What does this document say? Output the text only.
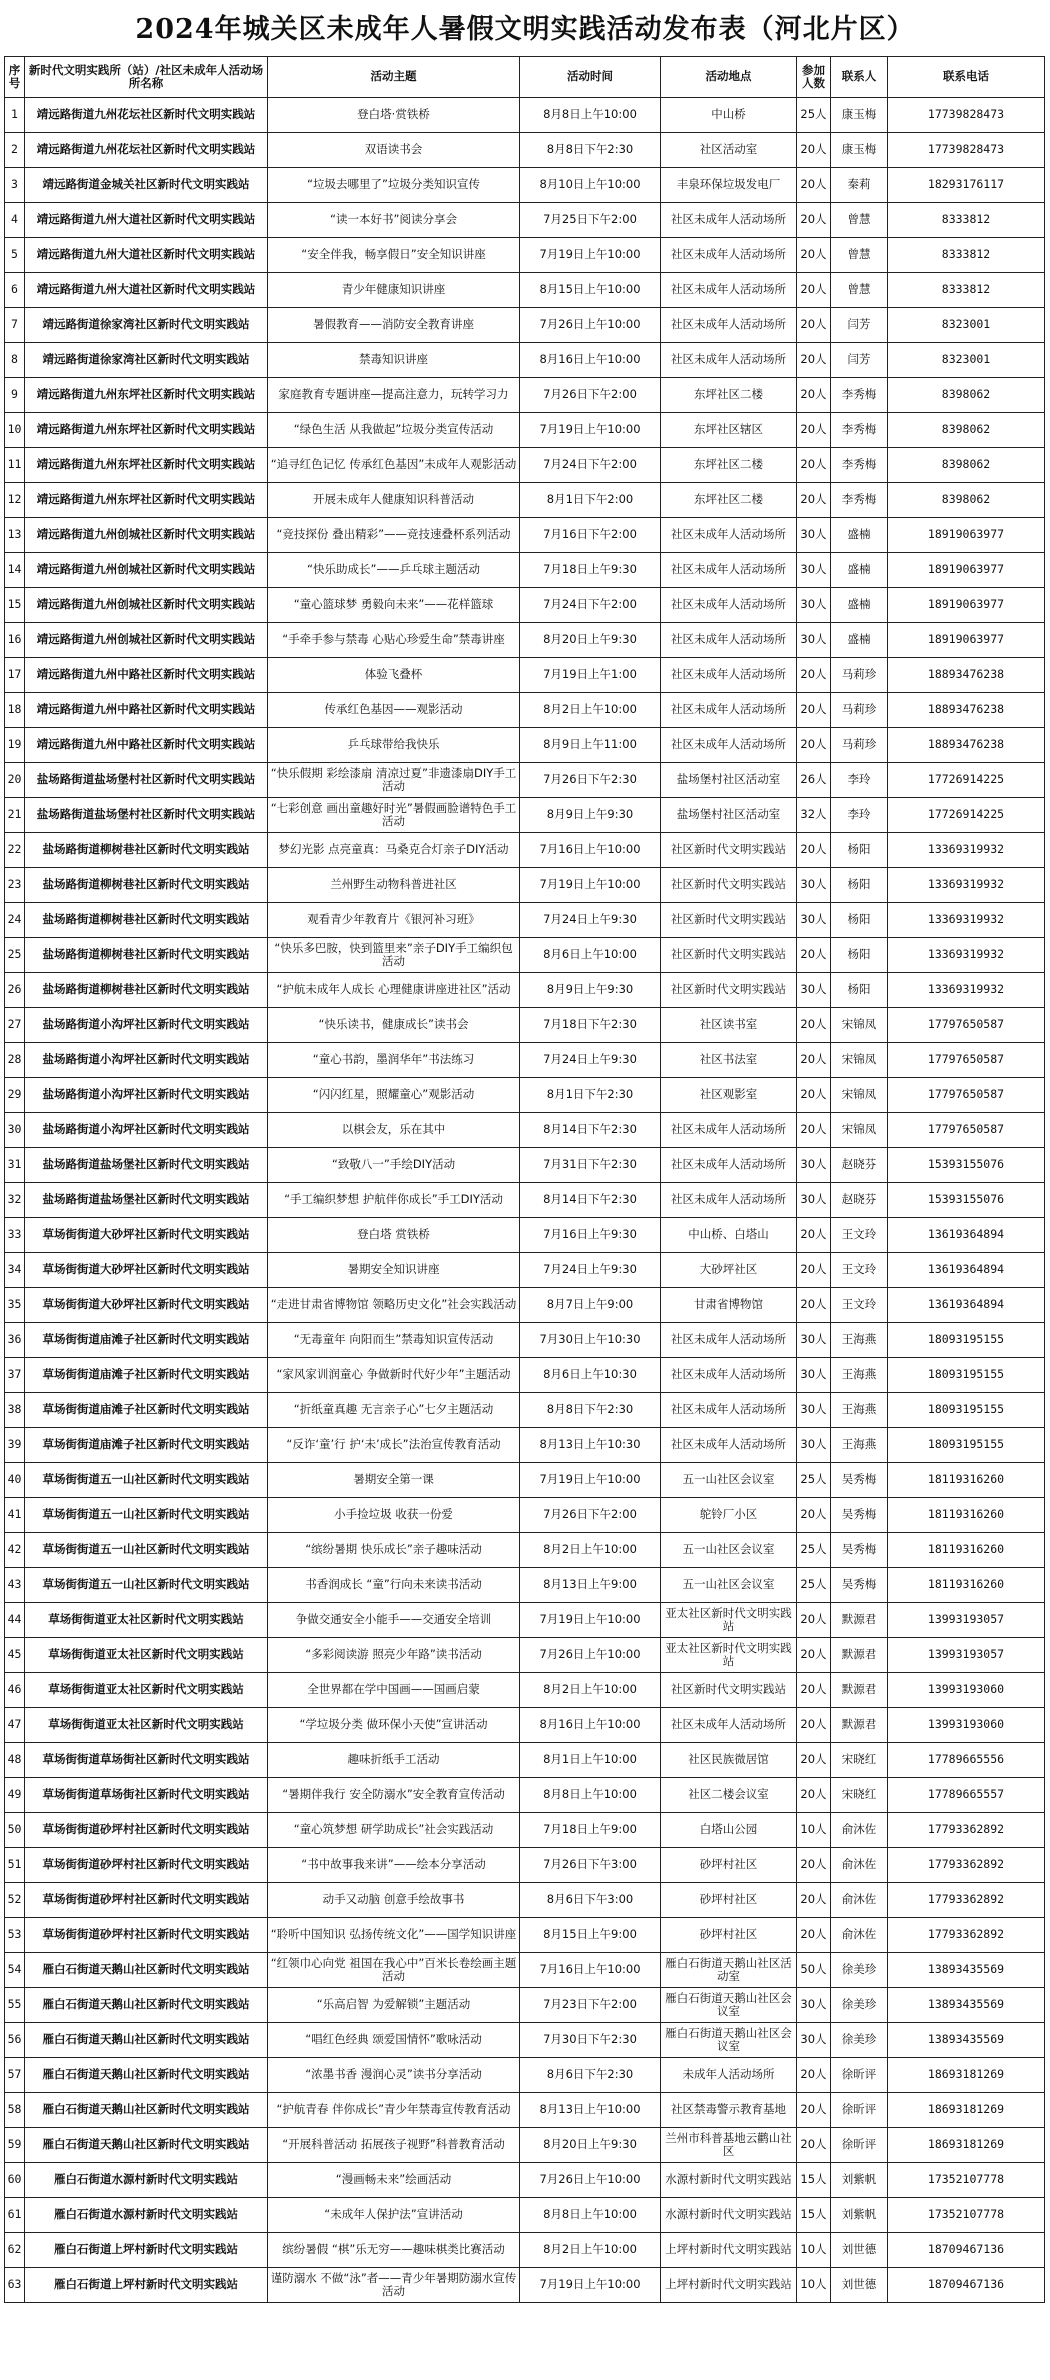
2024年城关区未成年人暑假文明实践活动发布表（河北片区）
序号	新时代文明实践所（站）/社区未成年人活动场所名称	活动主题	活动时间	活动地点	参加人数	联系人	联系电话
1	靖远路街道九州花坛社区新时代文明实践站	登白塔·赏铁桥	8月8日上午10:00	中山桥	25人	康玉梅	17739828473
2	靖远路街道九州花坛社区新时代文明实践站	双语读书会	8月8日下午2:30	社区活动室	20人	康玉梅	17739828473
3	靖远路街道金城关社区新时代文明实践站	“垃圾去哪里了”垃圾分类知识宣传	8月10日上午10:00	丰泉环保垃圾发电厂	20人	秦莉	18293176117
4	靖远路街道九州大道社区新时代文明实践站	“读一本好书”阅读分享会	7月25日下午2:00	社区未成年人活动场所	20人	曾慧	8333812
5	靖远路街道九州大道社区新时代文明实践站	“安全伴我，畅享假日”安全知识讲座	7月19日上午10:00	社区未成年人活动场所	20人	曾慧	8333812
6	靖远路街道九州大道社区新时代文明实践站	青少年健康知识讲座	8月15日上午10:00	社区未成年人活动场所	20人	曾慧	8333812
7	靖远路街道徐家湾社区新时代文明实践站	暑假教育——消防安全教育讲座	7月26日上午10:00	社区未成年人活动场所	20人	闫芳	8323001
8	靖远路街道徐家湾社区新时代文明实践站	禁毒知识讲座	8月16日上午10:00	社区未成年人活动场所	20人	闫芳	8323001
9	靖远路街道九州东坪社区新时代文明实践站	家庭教育专题讲座—提高注意力，玩转学习力	7月26日下午2:00	东坪社区二楼	20人	李秀梅	8398062
10	靖远路街道九州东坪社区新时代文明实践站	“绿色生活 从我做起”垃圾分类宣传活动	7月19日上午10:00	东坪社区辖区	20人	李秀梅	8398062
11	靖远路街道九州东坪社区新时代文明实践站	“追寻红色记忆 传承红色基因”未成年人观影活动	7月24日下午2:00	东坪社区二楼	20人	李秀梅	8398062
12	靖远路街道九州东坪社区新时代文明实践站	开展未成年人健康知识科普活动	8月1日下午2:00	东坪社区二楼	20人	李秀梅	8398062
13	靖远路街道九州创城社区新时代文明实践站	“竞技探份 叠出精彩”——竞技速叠杯系列活动	7月16日下午2:00	社区未成年人活动场所	30人	盛楠	18919063977
14	靖远路街道九州创城社区新时代文明实践站	“快乐助成长”——乒乓球主题活动	7月18日上午9:30	社区未成年人活动场所	30人	盛楠	18919063977
15	靖远路街道九州创城社区新时代文明实践站	“童心篮球梦 勇毅向未来”——花样篮球	7月24日下午2:00	社区未成年人活动场所	30人	盛楠	18919063977
16	靖远路街道九州创城社区新时代文明实践站	“手牵手参与禁毒 心贴心珍爱生命”禁毒讲座	8月20日上午9:30	社区未成年人活动场所	30人	盛楠	18919063977
17	靖远路街道九州中路社区新时代文明实践站	体验飞叠杯	7月19日上午1:00	社区未成年人活动场所	20人	马莉珍	18893476238
18	靖远路街道九州中路社区新时代文明实践站	传承红色基因——观影活动	8月2日上午10:00	社区未成年人活动场所	20人	马莉珍	18893476238
19	靖远路街道九州中路社区新时代文明实践站	乒乓球带给我快乐	8月9日上午11:00	社区未成年人活动场所	20人	马莉珍	18893476238
20	盐场路街道盐场堡村社区新时代文明实践站	“快乐假期 彩绘漆扇 清凉过夏”非遗漆扇DIY手工活动	7月26日下午2:30	盐场堡村社区活动室	26人	李玲	17726914225
21	盐场路街道盐场堡村社区新时代文明实践站	“七彩创意 画出童趣好时光”暑假画脸谱特色手工活动	8月9日上午9:30	盐场堡村社区活动室	32人	李玲	17726914225
22	盐场路街道柳树巷社区新时代文明实践站	梦幻光影 点亮童真：马桑克合灯亲子DIY活动	7月16日上午10:00	社区新时代文明实践站	20人	杨阳	13369319932
23	盐场路街道柳树巷社区新时代文明实践站	兰州野生动物科普进社区	7月19日上午10:00	社区新时代文明实践站	30人	杨阳	13369319932
24	盐场路街道柳树巷社区新时代文明实践站	观看青少年教育片《银河补习班》	7月24日上午9:30	社区新时代文明实践站	30人	杨阳	13369319932
25	盐场路街道柳树巷社区新时代文明实践站	“快乐多巴胺，快到篮里来”亲子DIY手工编织包活动	8月6日上午10:00	社区新时代文明实践站	20人	杨阳	13369319932
26	盐场路街道柳树巷社区新时代文明实践站	“护航未成年人成长 心理健康讲座进社区”活动	8月9日上午9:30	社区新时代文明实践站	30人	杨阳	13369319932
27	盐场路街道小沟坪社区新时代文明实践站	“快乐读书，健康成长”读书会	7月18日下午2:30	社区读书室	20人	宋锦凤	17797650587
28	盐场路街道小沟坪社区新时代文明实践站	“童心书韵，墨润华年”书法练习	7月24日上午9:30	社区书法室	20人	宋锦凤	17797650587
29	盐场路街道小沟坪社区新时代文明实践站	“闪闪红星，照耀童心”观影活动	8月1日下午2:30	社区观影室	20人	宋锦凤	17797650587
30	盐场路街道小沟坪社区新时代文明实践站	以棋会友，乐在其中	8月14日下午2:30	社区未成年人活动场所	20人	宋锦凤	17797650587
31	盐场路街道盐场堡社区新时代文明实践站	“致敬八一”手绘DIY活动	7月31日下午2:30	社区未成年人活动场所	30人	赵晓芬	15393155076
32	盐场路街道盐场堡社区新时代文明实践站	“手工编织梦想 护航伴你成长”手工DIY活动	8月14日下午2:30	社区未成年人活动场所	30人	赵晓芬	15393155076
33	草场街街道大砂坪社区新时代文明实践站	登白塔 赏铁桥	7月16日上午9:30	中山桥、白塔山	20人	王文玲	13619364894
34	草场街街道大砂坪社区新时代文明实践站	暑期安全知识讲座	7月24日上午9:30	大砂坪社区	20人	王文玲	13619364894
35	草场街街道大砂坪社区新时代文明实践站	“走进甘肃省博物馆 领略历史文化”社会实践活动	8月7日上午9:00	甘肃省博物馆	20人	王文玲	13619364894
36	草场街街道庙滩子社区新时代文明实践站	“无毒童年 向阳而生”禁毒知识宣传活动	7月30日上午10:30	社区未成年人活动场所	30人	王海燕	18093195155
37	草场街街道庙滩子社区新时代文明实践站	“家风家训润童心 争做新时代好少年”主题活动	8月6日上午10:30	社区未成年人活动场所	30人	王海燕	18093195155
38	草场街街道庙滩子社区新时代文明实践站	“折纸童真趣 无言亲子心”七夕主题活动	8月8日下午2:30	社区未成年人活动场所	30人	王海燕	18093195155
39	草场街街道庙滩子社区新时代文明实践站	“反诈‘童’行 护‘未’成长”法治宣传教育活动	8月13日上午10:30	社区未成年人活动场所	30人	王海燕	18093195155
40	草场街街道五一山社区新时代文明实践站	暑期安全第一课	7月19日上午10:00	五一山社区会议室	25人	吴秀梅	18119316260
41	草场街街道五一山社区新时代文明实践站	小手捡垃圾 收获一份爱	7月26日下午2:00	鸵铃厂小区	20人	吴秀梅	18119316260
42	草场街街道五一山社区新时代文明实践站	“缤纷暑期 快乐成长”亲子趣味活动	8月2日上午10:00	五一山社区会议室	25人	吴秀梅	18119316260
43	草场街街道五一山社区新时代文明实践站	书香润成长 “童”行向未来读书活动	8月13日上午9:00	五一山社区会议室	25人	吴秀梅	18119316260
44	草场街街道亚太社区新时代文明实践站	争做交通安全小能手——交通安全培训	7月19日上午10:00	亚太社区新时代文明实践站	20人	默源君	13993193057
45	草场街街道亚太社区新时代文明实践站	“多彩阅读游 照亮少年路”读书活动	7月26日上午10:00	亚太社区新时代文明实践站	20人	默源君	13993193057
46	草场街街道亚太社区新时代文明实践站	全世界都在学中国画——国画启蒙	8月2日上午10:00	社区新时代文明实践站	20人	默源君	13993193060
47	草场街街道亚太社区新时代文明实践站	“学垃圾分类 做环保小天使”宣讲活动	8月16日上午10:00	社区未成年人活动场所	20人	默源君	13993193060
48	草场街街道草场街社区新时代文明实践站	趣味折纸手工活动	8月1日上午10:00	社区民族微居馆	20人	宋晓红	17789665556
49	草场街街道草场街社区新时代文明实践站	“暑期伴我行 安全防溺水”安全教育宣传活动	8月8日上午10:00	社区二楼会议室	20人	宋晓红	17789665557
50	草场街街道砂坪村社区新时代文明实践站	“童心筑梦想 研学助成长”社会实践活动	7月18日上午9:00	白塔山公园	10人	俞沐佐	17793362892
51	草场街街道砂坪村社区新时代文明实践站	“书中故事我来讲”——绘本分享活动	7月26日下午3:00	砂坪村社区	20人	俞沐佐	17793362892
52	草场街街道砂坪村社区新时代文明实践站	动手又动脑 创意手绘故事书	8月6日下午3:00	砂坪村社区	20人	俞沐佐	17793362892
53	草场街街道砂坪村社区新时代文明实践站	“聆听中国知识 弘扬传统文化”——国学知识讲座	8月15日上午9:00	砂坪村社区	20人	俞沐佐	17793362892
54	雁白石街道天鹅山社区新时代文明实践站	“红领巾心向党 祖国在我心中”百米长卷绘画主题活动	7月16日上午10:00	雁白石街道天鹅山社区活动室	50人	徐美珍	13893435569
55	雁白石街道天鹅山社区新时代文明实践站	“乐高启智 为爱解锁”主题活动	7月23日下午2:00	雁白石街道天鹅山社区会议室	30人	徐美珍	13893435569
56	雁白石街道天鹅山社区新时代文明实践站	“唱红色经典 颂爱国情怀”歌咏活动	7月30日下午2:30	雁白石街道天鹅山社区会议室	30人	徐美珍	13893435569
57	雁白石街道天鹅山社区新时代文明实践站	“浓墨书香 漫润心灵”读书分享活动	8月6日下午2:30	未成年人活动场所	20人	徐昕评	18693181269
58	雁白石街道天鹅山社区新时代文明实践站	“护航青春 伴你成长”青少年禁毒宣传教育活动	8月13日上午10:00	社区禁毒警示教育基地	20人	徐昕评	18693181269
59	雁白石街道天鹅山社区新时代文明实践站	“开展科普活动 拓展孩子视野”科普教育活动	8月20日上午9:30	兰州市科普基地云鹳山社区	20人	徐昕评	18693181269
60	雁白石街道水源村新时代文明实践站	“漫画畅未来”绘画活动	7月26日上午10:00	水源村新时代文明实践站	15人	刘紫帆	17352107778
61	雁白石街道水源村新时代文明实践站	“未成年人保护法”宣讲活动	8月8日上午10:00	水源村新时代文明实践站	15人	刘紫帆	17352107778
62	雁白石街道上坪村新时代文明实践站	缤纷暑假 “棋”乐无穷——趣味棋类比赛活动	8月2日上午10:00	上坪村新时代文明实践站	10人	刘世德	18709467136
63	雁白石街道上坪村新时代文明实践站	谨防溺水 不做“泳”者——青少年暑期防溺水宣传活动	7月19日上午10:00	上坪村新时代文明实践站	10人	刘世德	18709467136
